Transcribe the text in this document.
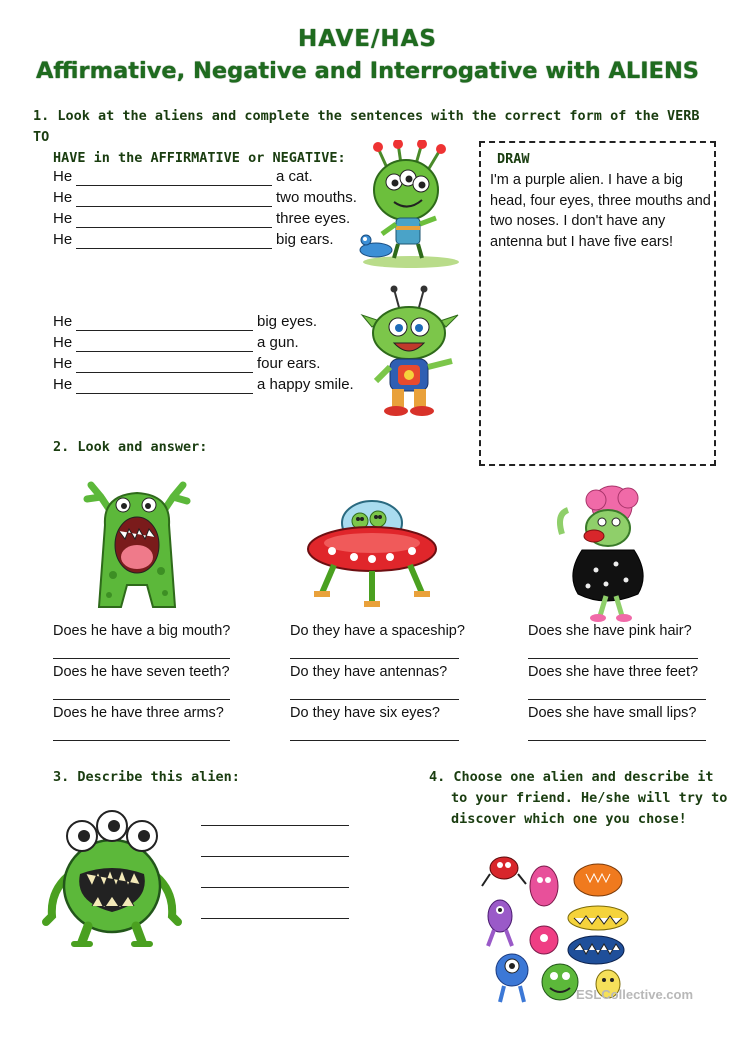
HAVE/HAS
Affirmative, Negative and Interrogative with ALIENS
1. Look at the aliens and complete the sentences with the correct form of the VERB TO
HAVE in the AFFIRMATIVE or NEGATIVE:
He	a cat.
He	two mouths.
He	three eyes.
He	big ears.
He	big eyes.
He	a gun.
He	four ears.
He	a happy smile.
DRAW
I'm a purple alien. I have a big head, four eyes, three mouths and two noses. I don't have any antenna but I have five ears!
2. Look and answer:
Does he have a big mouth?
Does he have seven teeth?
Does he have three arms?
Do they have a spaceship?
Do they have antennas?
Do they have six eyes?
Does she have pink hair?
Does she have three feet?
Does she have small lips?
3. Describe this alien:	4. Choose one alien and describe it
to your friend. He/she will try to
discover which one you chose!
ESLCollective.com
